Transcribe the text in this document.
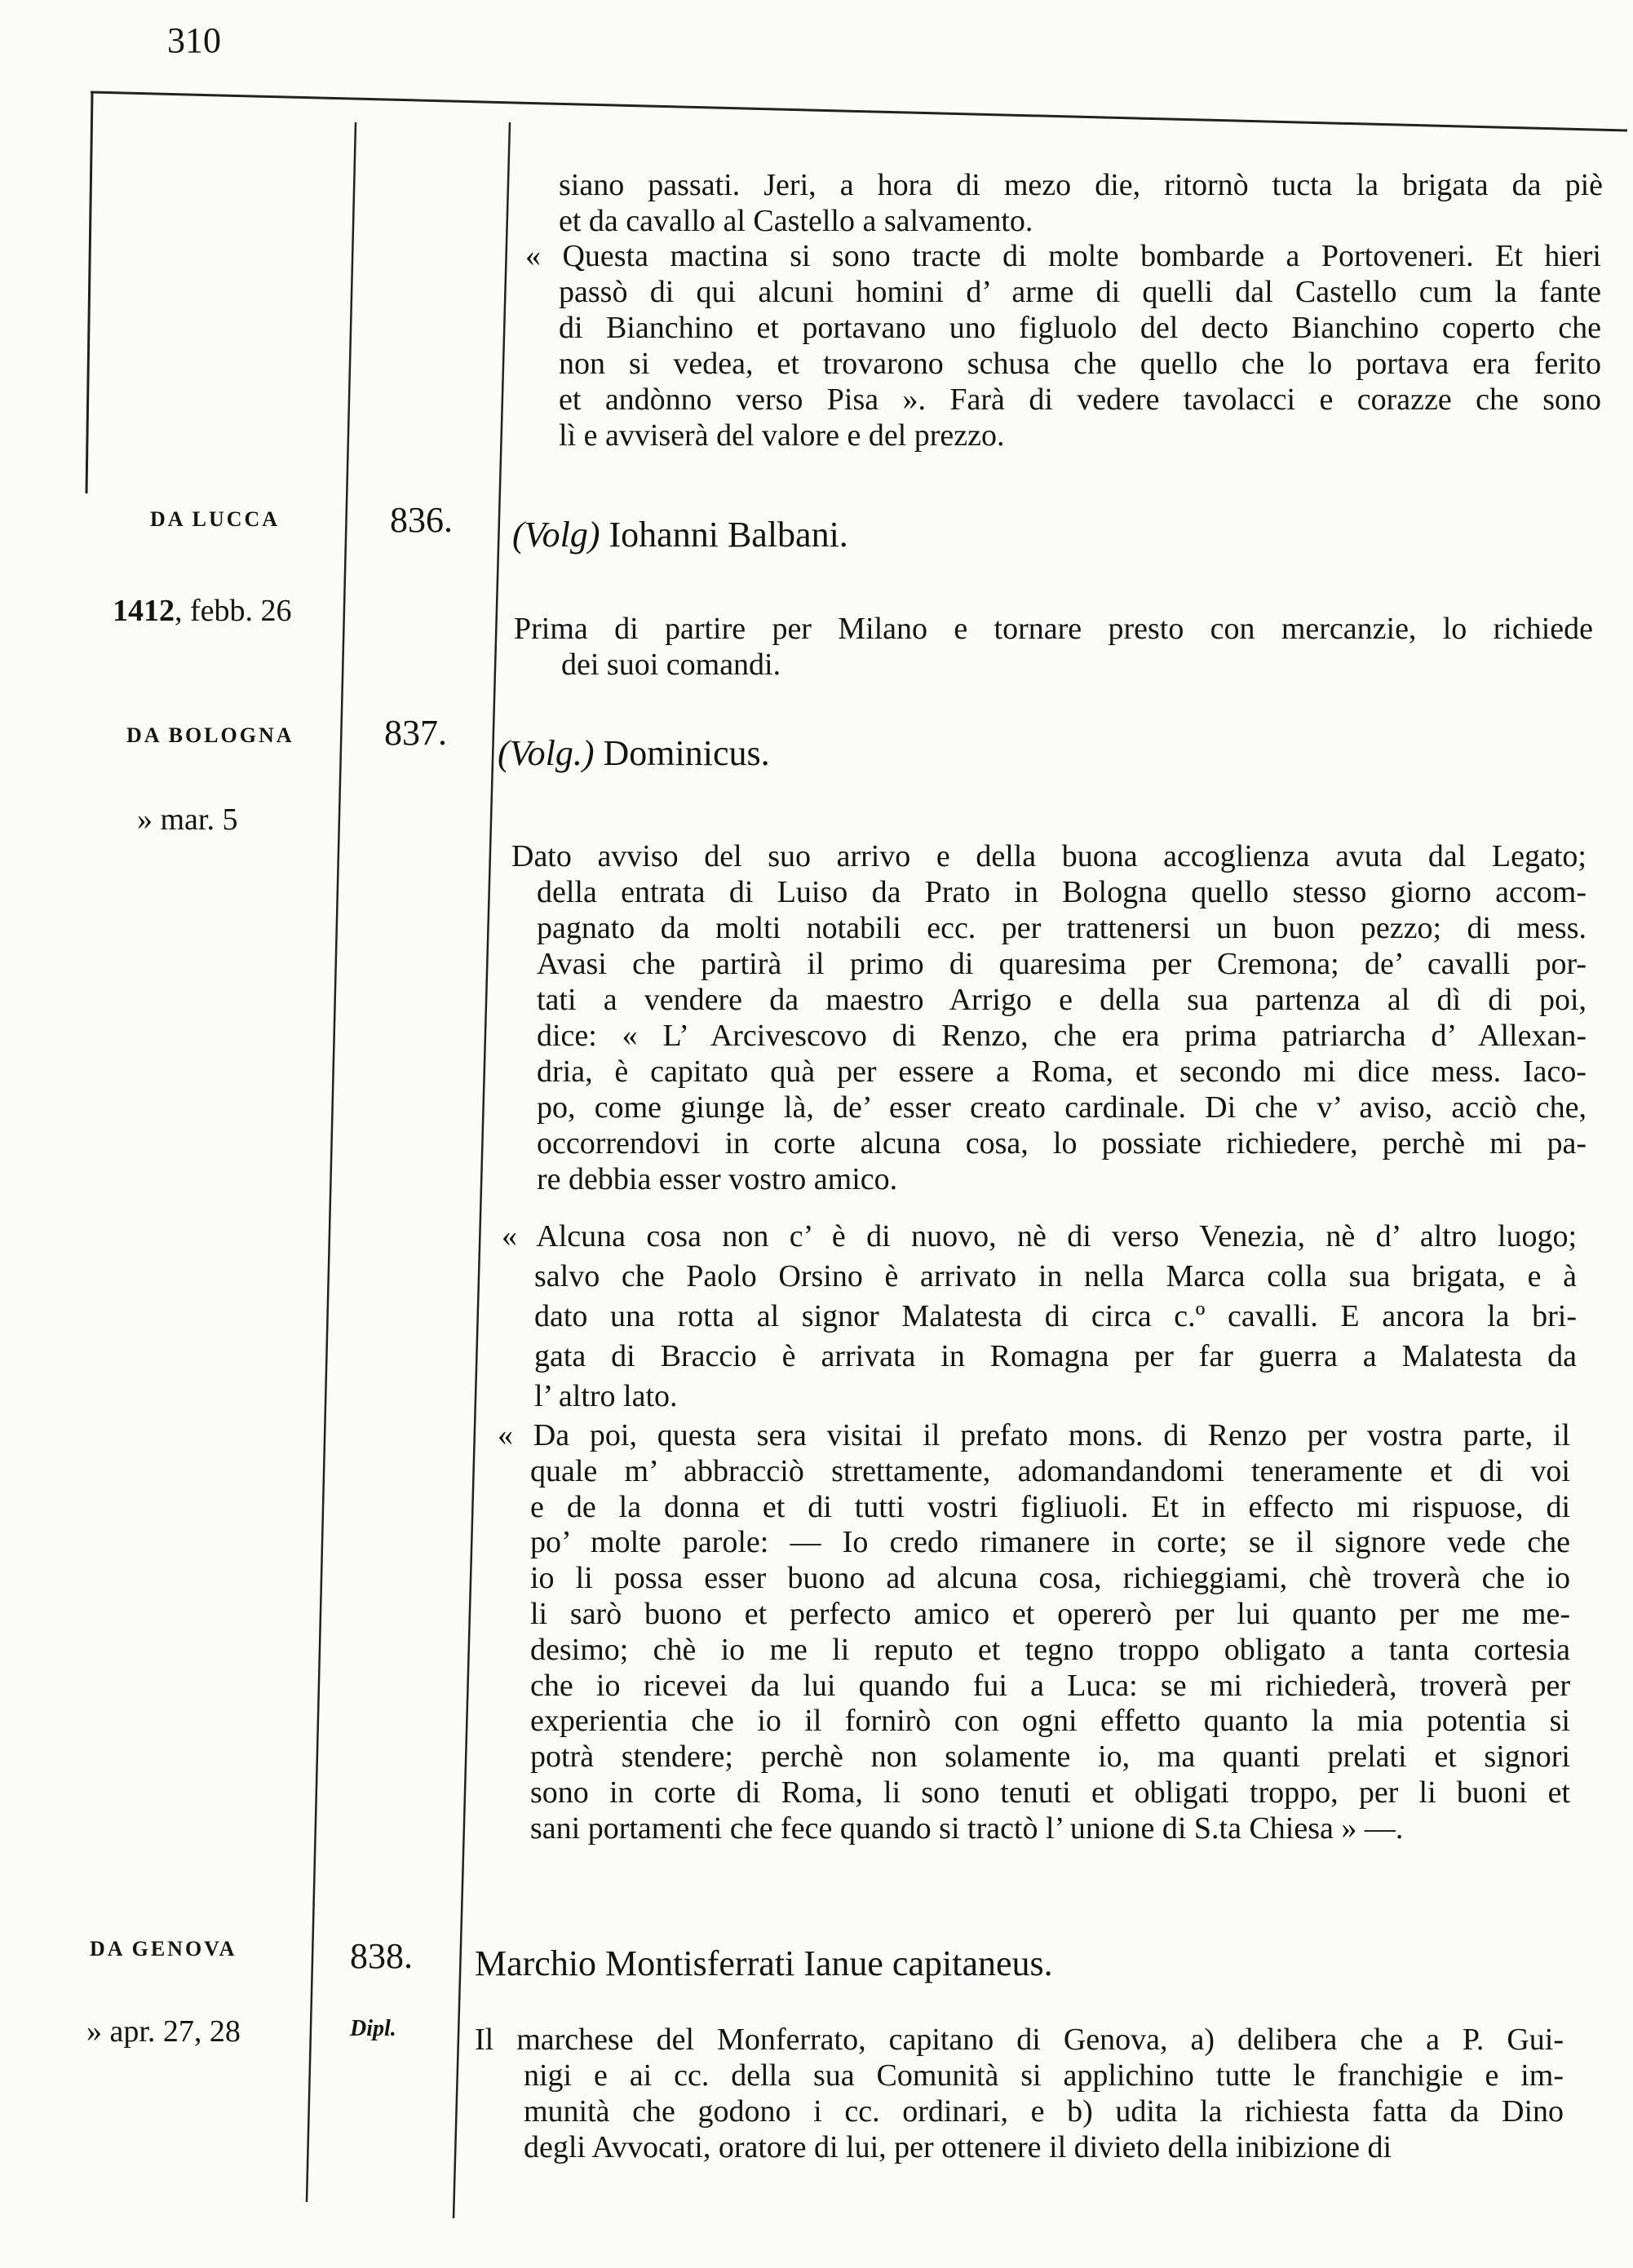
310
DA LUCCA
1412, febb. 26
836. (Volg) Iohanni Balbani.
DA BOLOGNA
» mar. 5
837.
(Volg.) Dominicus.
DA GENOVA
» apr. 27, 28
838.
Dipl.
Marchio Montisferrati Ianue capitaneus.
siano passati. Jeri, a hora di mezo die, ritornò tucta la brigata da piè
et da cavallo al Castello a salvamento.
« Questa mactina si sono tracte di molte bombarde a Portoveneri. Et hieri
passò di qui alcuni homini d’ arme di quelli dal Castello cum la fante
di Bianchino et portavano uno figluolo del decto Bianchino coperto che
non si vedea, et trovarono schusa che quello che lo portava era ferito
et andònno verso Pisa ». Farà di vedere tavolacci e corazze che sono
lì e avviserà del valore e del prezzo.
Prima di partire per Milano e tornare presto con mercanzie, lo richiede
dei suoi comandi.
Dato avviso del suo arrivo e della buona accoglienza avuta dal Legato;
della entrata di Luiso da Prato in Bologna quello stesso giorno accom-
pagnato da molti notabili ecc. per trattenersi un buon pezzo; di mess.
Avasi che partirà il primo di quaresima per Cremona; de’ cavalli por-
tati a vendere da maestro Arrigo e della sua partenza al dì di poi,
dice: « L’ Arcivescovo di Renzo, che era prima patriarcha d’ Allexan-
dria, è capitato quà per essere a Roma, et secondo mi dice mess. Iaco-
po, come giunge là, de’ esser creato cardinale. Di che v’ aviso, acciò che,
occorrendovi in corte alcuna cosa, lo possiate richiedere, perchè mi pa-
re debbia esser vostro amico.
« Alcuna cosa non c’ è di nuovo, nè di verso Venezia, nè d’ altro luogo;
salvo che Paolo Orsino è arrivato in nella Marca colla sua brigata, e à
dato una rotta al signor Malatesta di circa c.º cavalli. E ancora la bri-
gata di Braccio è arrivata in Romagna per far guerra a Malatesta da
l’ altro lato.
« Da poi, questa sera visitai il prefato mons. di Renzo per vostra parte, il
quale m’ abbracciò strettamente, adomandandomi teneramente et di voi
e de la donna et di tutti vostri figliuoli. Et in effecto mi rispuose, di
po’ molte parole: — Io credo rimanere in corte; se il signore vede che
io li possa esser buono ad alcuna cosa, richieggiami, chè troverà che io
li sarò buono et perfecto amico et opererò per lui quanto per me me-
desimo; chè io me li reputo et tegno troppo obligato a tanta cortesia
che io ricevei da lui quando fui a Luca: se mi richiederà, troverà per
experientia che io il fornirò con ogni effetto quanto la mia potentia si
potrà stendere; perchè non solamente io, ma quanti prelati et signori
sono in corte di Roma, li sono tenuti et obligati troppo, per li buoni et
sani portamenti che fece quando si tractò l’ unione di S.ta Chiesa » —.
Il marchese del Monferrato, capitano di Genova, a) delibera che a P. Gui-
nigi e ai cc. della sua Comunità si applichino tutte le franchigie e im-
munità che godono i cc. ordinari, e b) udita la richiesta fatta da Dino
degli Avvocati, oratore di lui, per ottenere il divieto della inibizione di
